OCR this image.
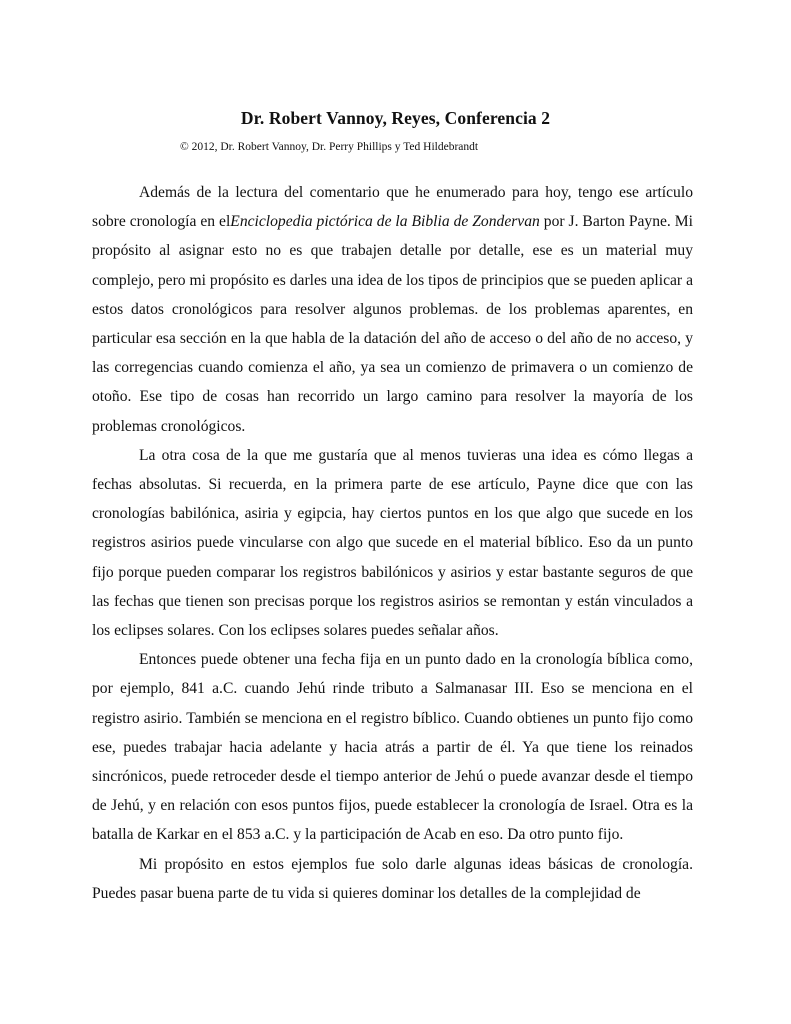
Dr. Robert Vannoy, Reyes, Conferencia 2
© 2012, Dr. Robert Vannoy, Dr. Perry Phillips y Ted Hildebrandt

Además de la lectura del comentario que he enumerado para hoy, tengo ese artículo sobre cronología en elEnciclopedia pictórica de la Biblia de Zondervan por J. Barton Payne. Mi propósito al asignar esto no es que trabajen detalle por detalle, ese es un material muy complejo, pero mi propósito es darles una idea de los tipos de principios que se pueden aplicar a estos datos cronológicos para resolver algunos problemas. de los problemas aparentes, en particular esa sección en la que habla de la datación del año de acceso o del año de no acceso, y las corregencias cuando comienza el año, ya sea un comienzo de primavera o un comienzo de otoño. Ese tipo de cosas han recorrido un largo camino para resolver la mayoría de los problemas cronológicos.

La otra cosa de la que me gustaría que al menos tuvieras una idea es cómo llegas a fechas absolutas. Si recuerda, en la primera parte de ese artículo, Payne dice que con las cronologías babilónica, asiria y egipcia, hay ciertos puntos en los que algo que sucede en los registros asirios puede vincularse con algo que sucede en el material bíblico. Eso da un punto fijo porque pueden comparar los registros babilónicos y asirios y estar bastante seguros de que las fechas que tienen son precisas porque los registros asirios se remontan y están vinculados a los eclipses solares. Con los eclipses solares puedes señalar años.

Entonces puede obtener una fecha fija en un punto dado en la cronología bíblica como, por ejemplo, 841 a.C. cuando Jehú rinde tributo a Salmanasar III. Eso se menciona en el registro asirio. También se menciona en el registro bíblico. Cuando obtienes un punto fijo como ese, puedes trabajar hacia adelante y hacia atrás a partir de él. Ya que tiene los reinados sincrónicos, puede retroceder desde el tiempo anterior de Jehú o puede avanzar desde el tiempo de Jehú, y en relación con esos puntos fijos, puede establecer la cronología de Israel. Otra es la batalla de Karkar en el 853 a.C. y la participación de Acab en eso. Da otro punto fijo.

Mi propósito en estos ejemplos fue solo darle algunas ideas básicas de cronología. Puedes pasar buena parte de tu vida si quieres dominar los detalles de la complejidad de
